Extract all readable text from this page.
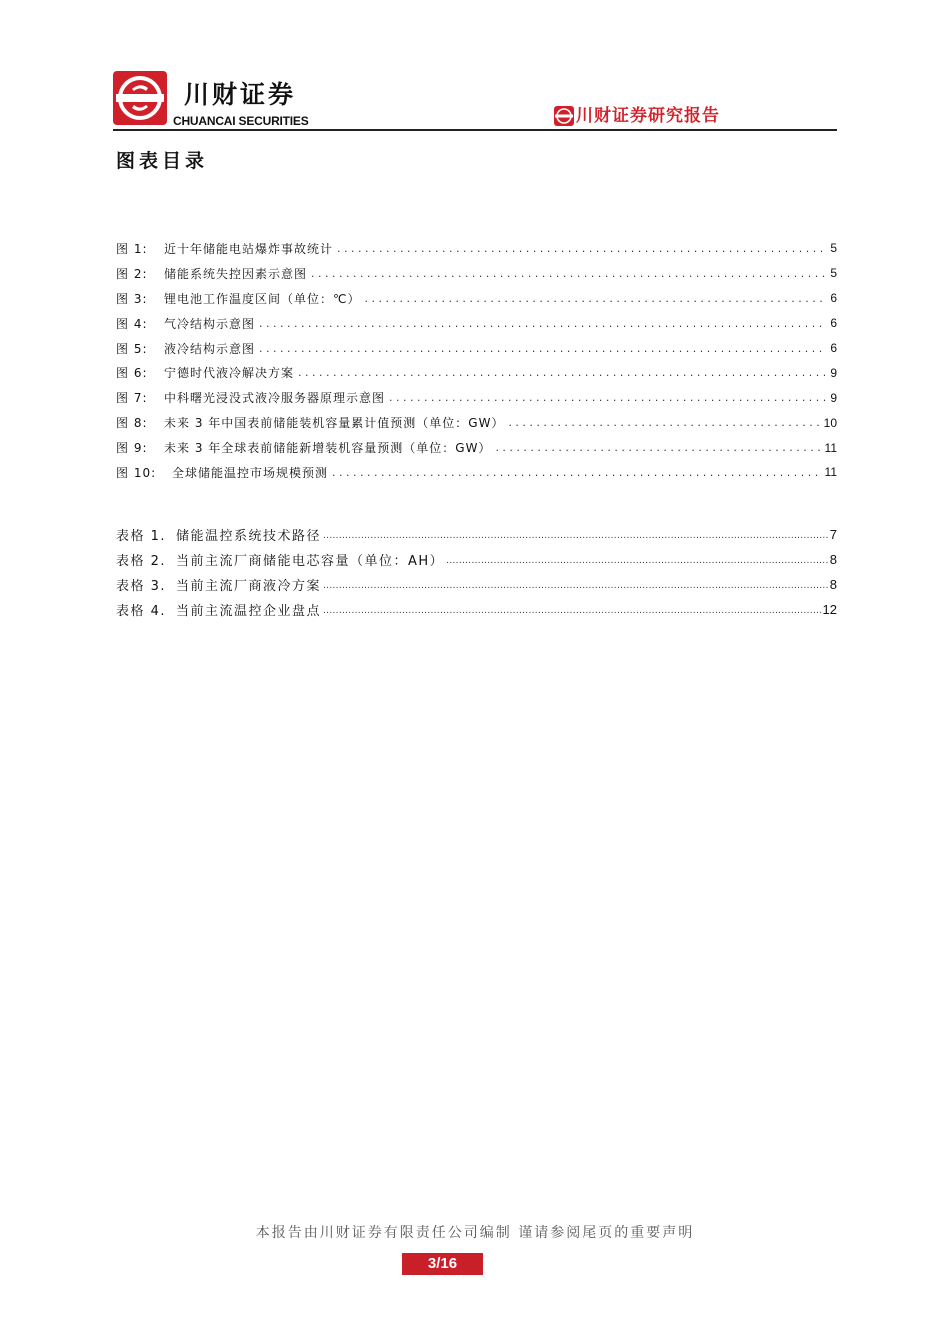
川财证券
CHUANCAI SECURITIES	川财证券研究报告
图表目录
图 1:	近十年储能电站爆炸事故统计 .....	5
图 2:	储能系统失控因素示意图 .....	5
图 3:	锂电池工作温度区间（单位：℃） .....	6
图 4:	气冷结构示意图 .....	6
图 5:	液冷结构示意图 .....	6
图 6:	宁德时代液冷解决方案 .....	9
图 7:	中科曙光浸没式液冷服务器原理示意图 .....	9
图 8:	未来 3 年中国表前储能装机容量累计值预测（单位：GW） .....	10
图 9:	未来 3 年全球表前储能新增装机容量预测（单位：GW） .....	11
图 10:	全球储能温控市场规模预测 .....	11
表格 1. 储能温控系统技术路径 .....	7
表格 2. 当前主流厂商储能电芯容量（单位：AH） .....	8
表格 3. 当前主流厂商液冷方案 .....	8
表格 4. 当前主流温控企业盘点 .....	12
本报告由川财证券有限责任公司编制 谨请参阅尾页的重要声明
3/16
